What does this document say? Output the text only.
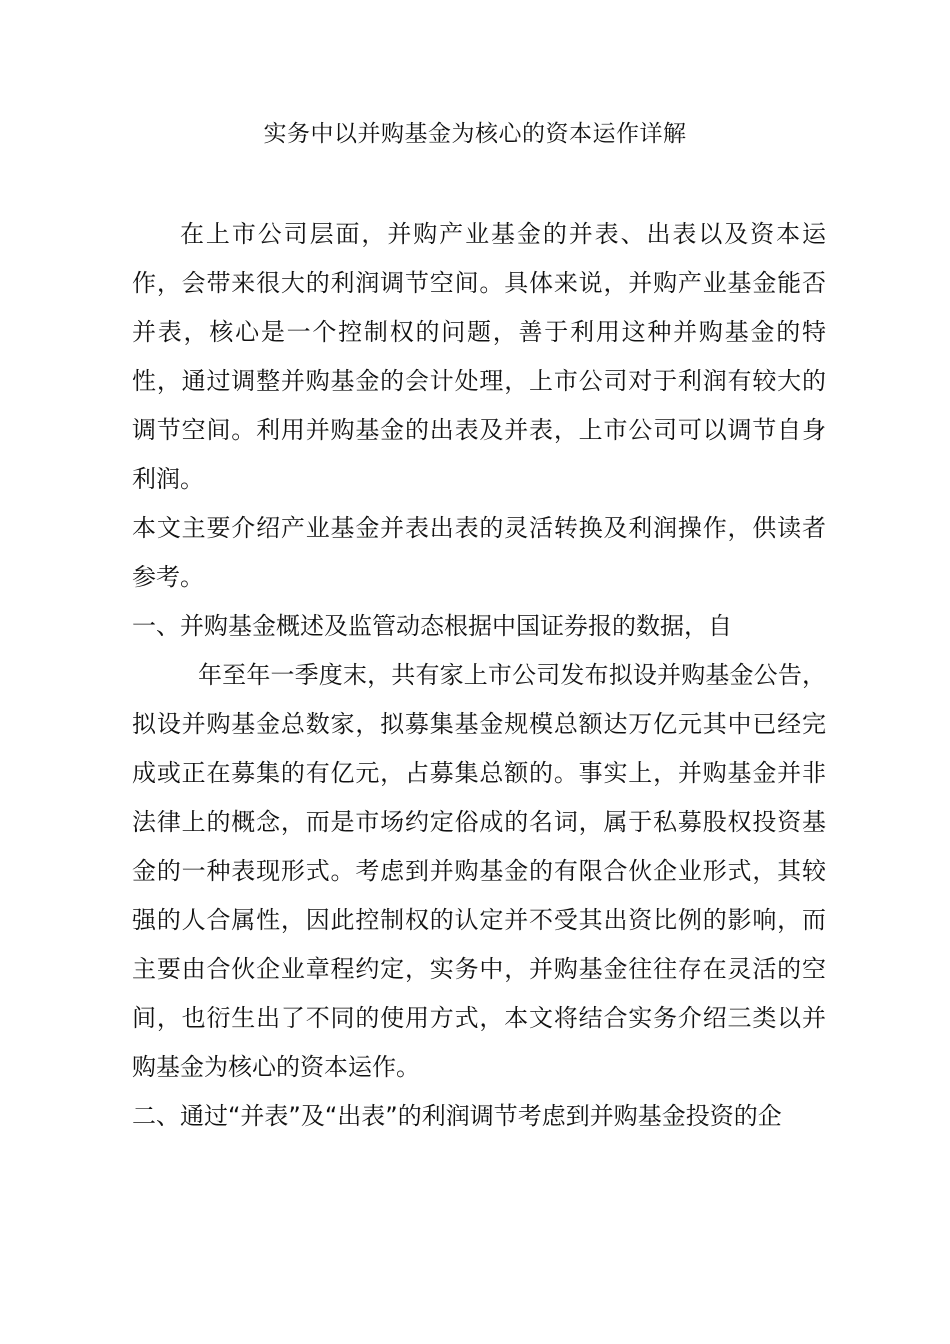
实务中以并购基金为核心的资本运作详解

在上市公司层面，并购产业基金的并表、出表以及资本运作，会带来很大的利润调节空间。具体来说，并购产业基金能否并表，核心是一个控制权的问题，善于利用这种并购基金的特性，通过调整并购基金的会计处理，上市公司对于利润有较大的调节空间。利用并购基金的出表及并表，上市公司可以调节自身利润。

本文主要介绍产业基金并表出表的灵活转换及利润操作，供读者参考。

一、并购基金概述及监管动态根据中国证券报的数据，自

年至年一季度末，共有家上市公司发布拟设并购基金公告，拟设并购基金总数家，拟募集基金规模总额达万亿元其中已经完成或正在募集的有亿元，占募集总额的。事实上，并购基金并非法律上的概念，而是市场约定俗成的名词，属于私募股权投资基金的一种表现形式。考虑到并购基金的有限合伙企业形式，其较强的人合属性，因此控制权的认定并不受其出资比例的影响，而主要由合伙企业章程约定，实务中，并购基金往往存在灵活的空间，也衍生出了不同的使用方式，本文将结合实务介绍三类以并购基金为核心的资本运作。

二、通过“并表”及“出表”的利润调节考虑到并购基金投资的企
